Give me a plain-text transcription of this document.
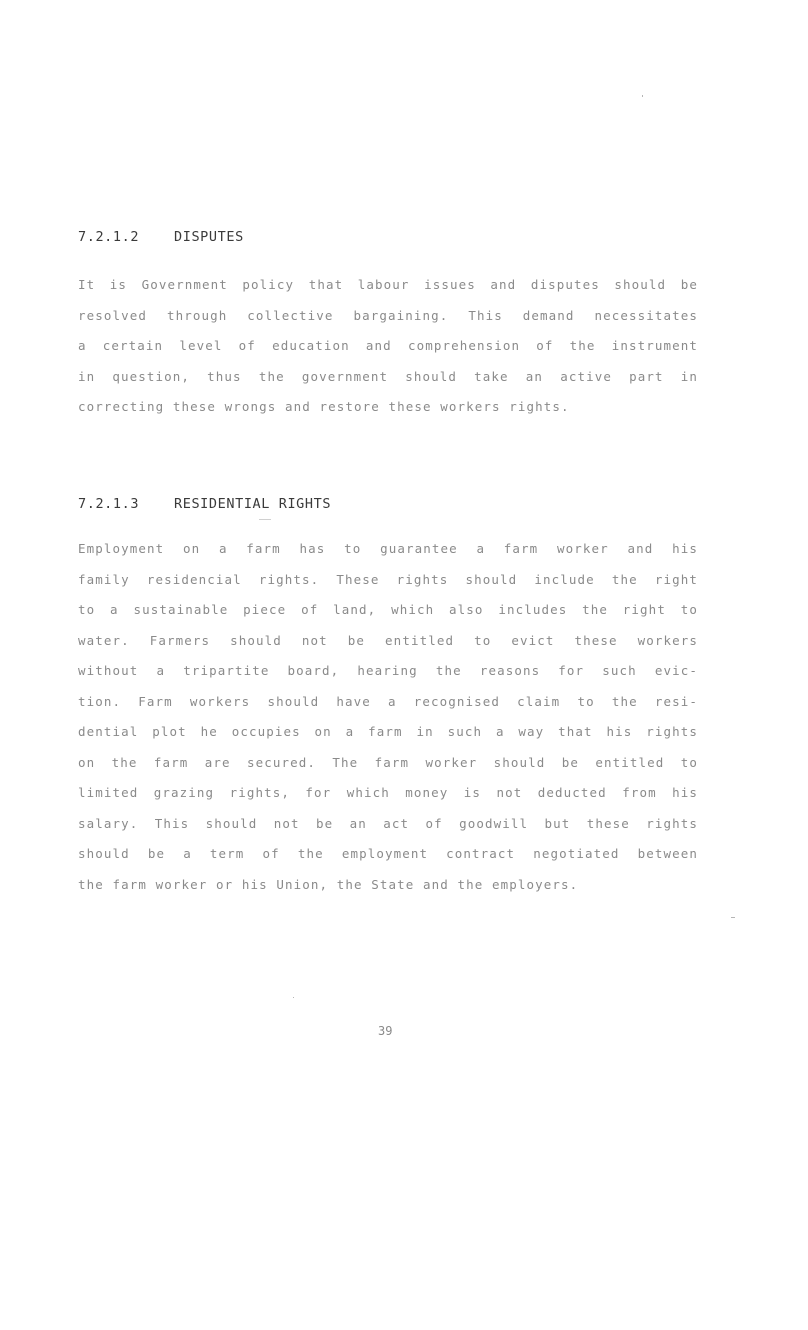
7.2.1.2	DISPUTES
It is Government policy that labour issues and disputes should be
resolved through collective bargaining. This demand necessitates
a certain level of education and comprehension of the instrument
in question, thus the government should take an active part in
correcting these wrongs and restore these workers rights.
7.2.1.3	RESIDENTIAL RIGHTS
Employment on a farm has to guarantee a farm worker and his
family residencial rights. These rights should include the right
to a sustainable piece of land, which also includes the right to
water. Farmers should not be entitled to evict these workers
without a tripartite board, hearing the reasons for such evic-
tion. Farm workers should have a recognised claim to the resi-
dential plot he occupies on a farm in such a way that his rights
on the farm are secured. The farm worker should be entitled to
limited grazing rights, for which money is not deducted from his
salary. This should not be an act of goodwill but these rights
should be a term of the employment contract negotiated between
the farm worker or his Union, the State and the employers.
39
